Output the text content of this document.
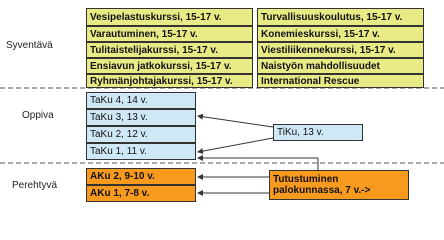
Syventävä
Oppiva
Perehtyvä
Vesipelastuskurssi, 15-17 v.
Varautuminen, 15-17 v.
Tulitaistelijakurssi, 15-17 v.
Ensiavun jatkokurssi, 15-17 v.
Ryhmänjohtajakurssi, 15-17 v.
Turvallisuuskoulutus, 15-17 v.
Konemieskurssi, 15-17 v.
Viestiliikennekurssi, 15-17 v.
Naistyön mahdollisuudet
International Rescue
TaKu 4, 14 v.
TaKu 3, 13 v.
TaKu 2, 12 v.
TaKu 1, 11 v.
TiKu, 13 v.
AKu 2, 9-10 v.
AKu 1, 7-8 v.
Tutustuminen
palokunnassa, 7 v.->
